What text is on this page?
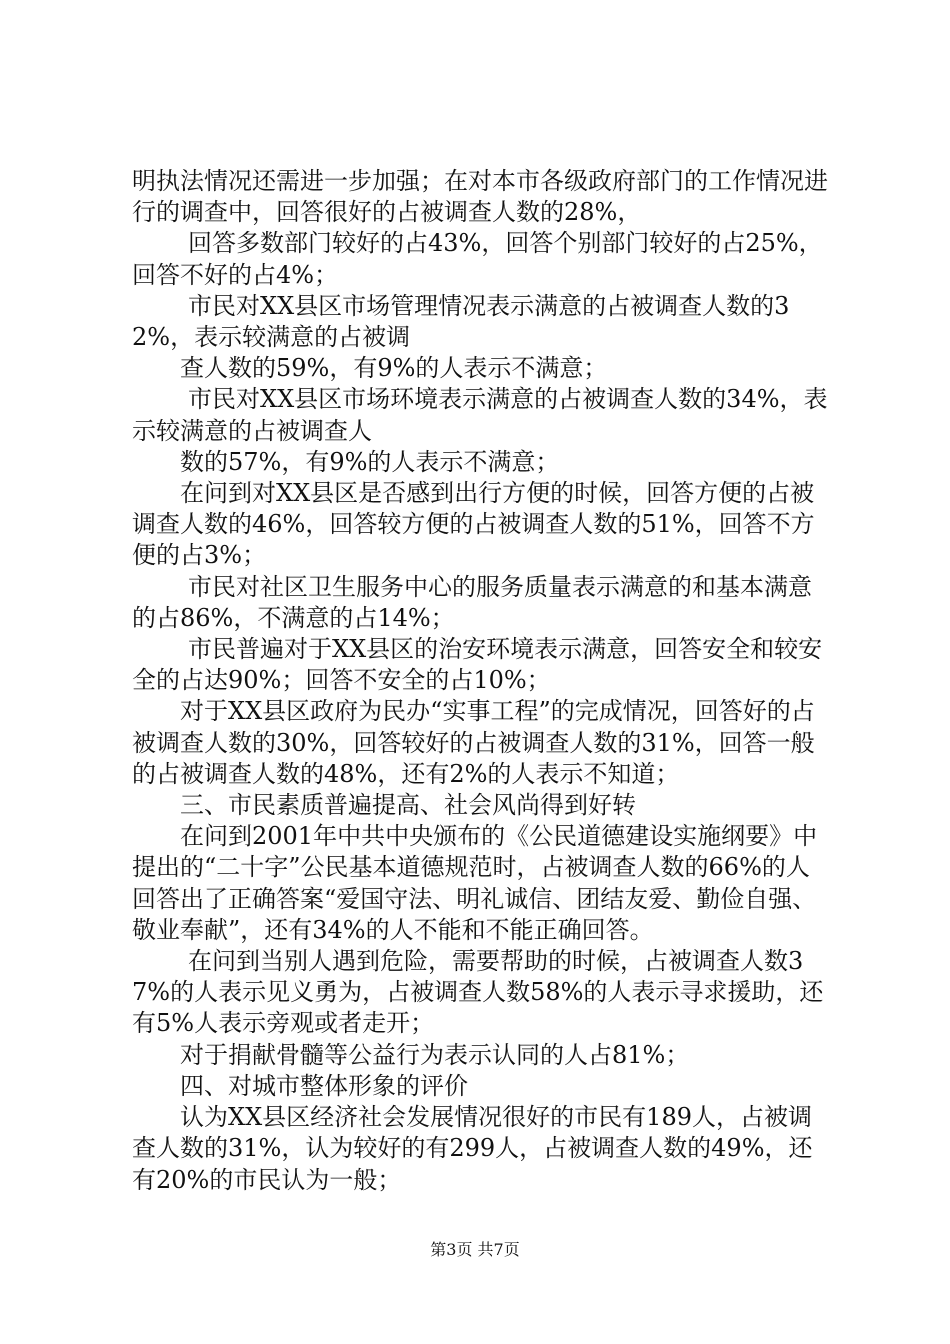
明执法情况还需进一步加强；在对本市各级政府部门的工作情况进行的调查中，回答很好的占被调查人数的28%，

回答多数部门较好的占43%，回答个别部门较好的占25%，回答不好的占4%；

市民对XX县区市场管理情况表示满意的占被调查人数的32%，表示较满意的占被调

查人数的59%，有9%的人表示不满意；

市民对XX县区市场环境表示满意的占被调查人数的34%，表示较满意的占被调查人

数的57%，有9%的人表示不满意；

在问到对XX县区是否感到出行方便的时候，回答方便的占被调查人数的46%，回答较方便的占被调查人数的51%，回答不方便的占3%；

市民对社区卫生服务中心的服务质量表示满意的和基本满意的占86%，不满意的占14%；

市民普遍对于XX县区的治安环境表示满意，回答安全和较安全的占达90%；回答不安全的占10%；

对于XX县区政府为民办“实事工程”的完成情况，回答好的占被调查人数的30%，回答较好的占被调查人数的31%，回答一般的占被调查人数的48%，还有2%的人表示不知道；

三、市民素质普遍提高、社会风尚得到好转

在问到2001年中共中央颁布的《公民道德建设实施纲要》中提出的“二十字”公民基本道德规范时，占被调查人数的66%的人回答出了正确答案“爱国守法、明礼诚信、团结友爱、勤俭自强、敬业奉献”，还有34%的人不能和不能正确回答。

在问到当别人遇到危险，需要帮助的时候，占被调查人数37%的人表示见义勇为，占被调查人数58%的人表示寻求援助，还有5%人表示旁观或者走开；

对于捐献骨髓等公益行为表示认同的人占81%；

四、对城市整体形象的评价

认为XX县区经济社会发展情况很好的市民有189人，占被调查人数的31%，认为较好的有299人，占被调查人数的49%，还有20%的市民认为一般；

第3页 共7页
